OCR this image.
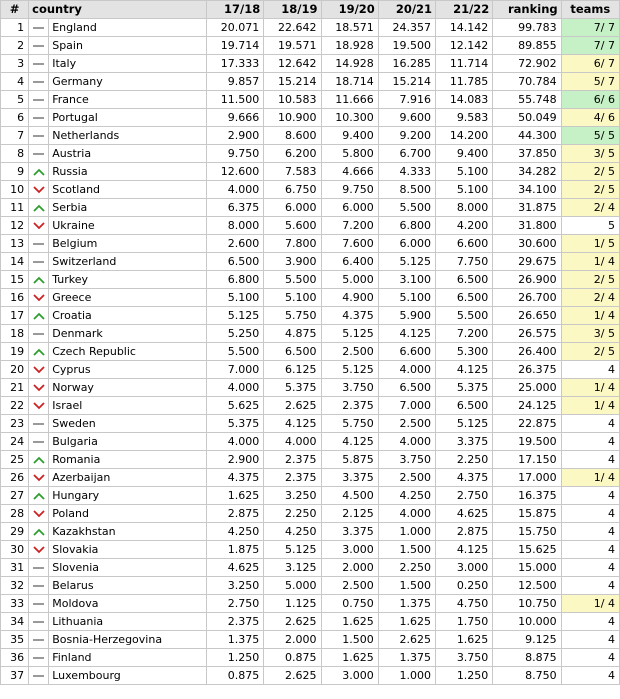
#	country		17/18	18/19	19/20	20/21	21/22	ranking	teams
1		England	20.071	22.642	18.571	24.357	14.142	99.783	7/ 7
2		Spain	19.714	19.571	18.928	19.500	12.142	89.855	7/ 7
3		Italy	17.333	12.642	14.928	16.285	11.714	72.902	6/ 7
4		Germany	9.857	15.214	18.714	15.214	11.785	70.784	5/ 7
5		France	11.500	10.583	11.666	7.916	14.083	55.748	6/ 6
6		Portugal	9.666	10.900	10.300	9.600	9.583	50.049	4/ 6
7		Netherlands	2.900	8.600	9.400	9.200	14.200	44.300	5/ 5
8		Austria	9.750	6.200	5.800	6.700	9.400	37.850	3/ 5
9		Russia	12.600	7.583	4.666	4.333	5.100	34.282	2/ 5
10		Scotland	4.000	6.750	9.750	8.500	5.100	34.100	2/ 5
11		Serbia	6.375	6.000	6.000	5.500	8.000	31.875	2/ 4
12		Ukraine	8.000	5.600	7.200	6.800	4.200	31.800	5
13		Belgium	2.600	7.800	7.600	6.000	6.600	30.600	1/ 5
14		Switzerland	6.500	3.900	6.400	5.125	7.750	29.675	1/ 4
15		Turkey	6.800	5.500	5.000	3.100	6.500	26.900	2/ 5
16		Greece	5.100	5.100	4.900	5.100	6.500	26.700	2/ 4
17		Croatia	5.125	5.750	4.375	5.900	5.500	26.650	1/ 4
18		Denmark	5.250	4.875	5.125	4.125	7.200	26.575	3/ 5
19		Czech Republic	5.500	6.500	2.500	6.600	5.300	26.400	2/ 5
20		Cyprus	7.000	6.125	5.125	4.000	4.125	26.375	4
21		Norway	4.000	5.375	3.750	6.500	5.375	25.000	1/ 4
22		Israel	5.625	2.625	2.375	7.000	6.500	24.125	1/ 4
23		Sweden	5.375	4.125	5.750	2.500	5.125	22.875	4
24		Bulgaria	4.000	4.000	4.125	4.000	3.375	19.500	4
25		Romania	2.900	2.375	5.875	3.750	2.250	17.150	4
26		Azerbaijan	4.375	2.375	3.375	2.500	4.375	17.000	1/ 4
27		Hungary	1.625	3.250	4.500	4.250	2.750	16.375	4
28		Poland	2.875	2.250	2.125	4.000	4.625	15.875	4
29		Kazakhstan	4.250	4.250	3.375	1.000	2.875	15.750	4
30		Slovakia	1.875	5.125	3.000	1.500	4.125	15.625	4
31		Slovenia	4.625	3.125	2.000	2.250	3.000	15.000	4
32		Belarus	3.250	5.000	2.500	1.500	0.250	12.500	4
33		Moldova	2.750	1.125	0.750	1.375	4.750	10.750	1/ 4
34		Lithuania	2.375	2.625	1.625	1.625	1.750	10.000	4
35		Bosnia-Herzegovina	1.375	2.000	1.500	2.625	1.625	9.125	4
36		Finland	1.250	0.875	1.625	1.375	3.750	8.875	4
37		Luxembourg	0.875	2.625	3.000	1.000	1.250	8.750	4
